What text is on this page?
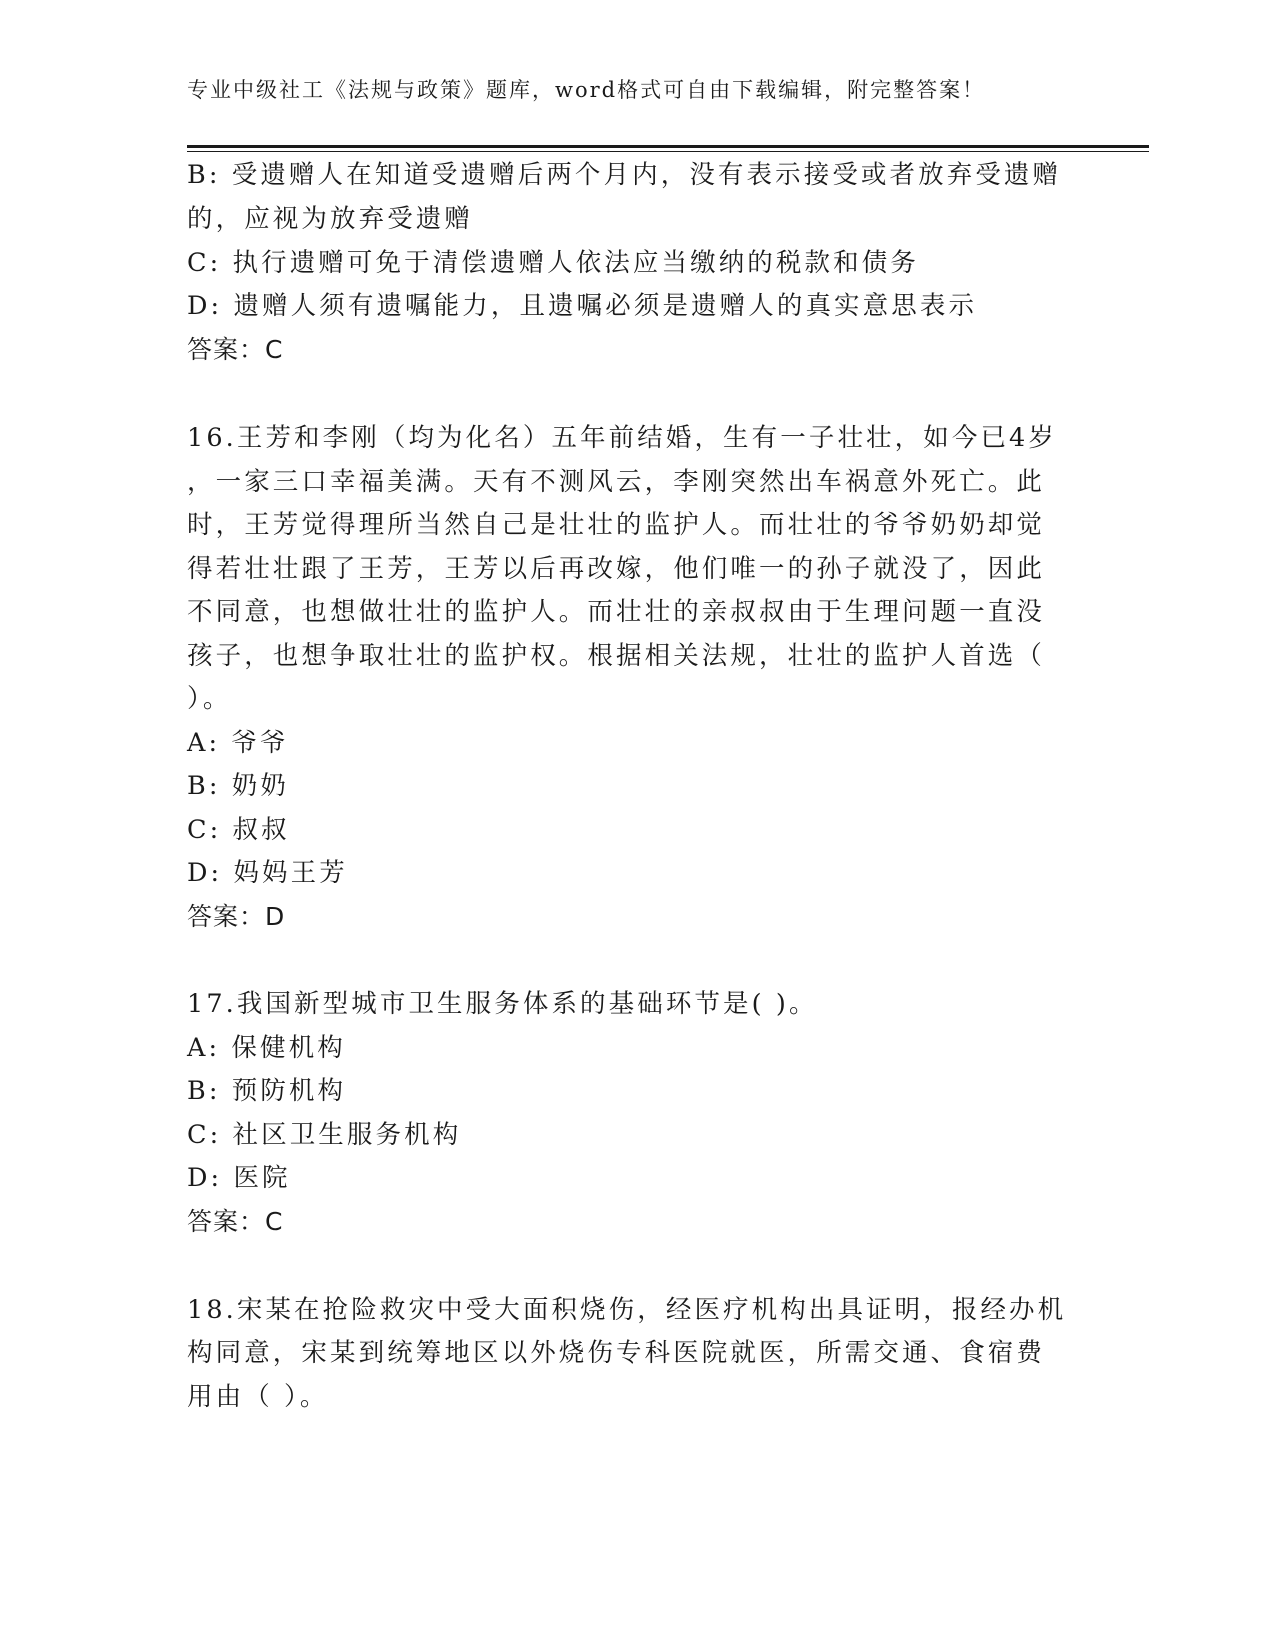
专业中级社工《法规与政策》题库，word格式可自由下载编辑，附完整答案！
B: 受遗赠人在知道受遗赠后两个月内，没有表示接受或者放弃受遗赠
的，应视为放弃受遗赠
C: 执行遗赠可免于清偿遗赠人依法应当缴纳的税款和债务
D: 遗赠人须有遗嘱能力，且遗嘱必须是遗赠人的真实意思表示
答案：C
16.王芳和李刚（均为化名）五年前结婚，生有一子壮壮，如今已4岁
，一家三口幸福美满。天有不测风云，李刚突然出车祸意外死亡。此
时，王芳觉得理所当然自己是壮壮的监护人。而壮壮的爷爷奶奶却觉
得若壮壮跟了王芳，王芳以后再改嫁，他们唯一的孙子就没了，因此
不同意，也想做壮壮的监护人。而壮壮的亲叔叔由于生理问题一直没
孩子，也想争取壮壮的监护权。根据相关法规，壮壮的监护人首选（
）。
A: 爷爷
B: 奶奶
C: 叔叔
D: 妈妈王芳
答案：D
17.我国新型城市卫生服务体系的基础环节是( )。
A: 保健机构
B: 预防机构
C: 社区卫生服务机构
D: 医院
答案：C
18.宋某在抢险救灾中受大面积烧伤，经医疗机构出具证明，报经办机
构同意，宋某到统筹地区以外烧伤专科医院就医，所需交通、食宿费
用由（ ）。
